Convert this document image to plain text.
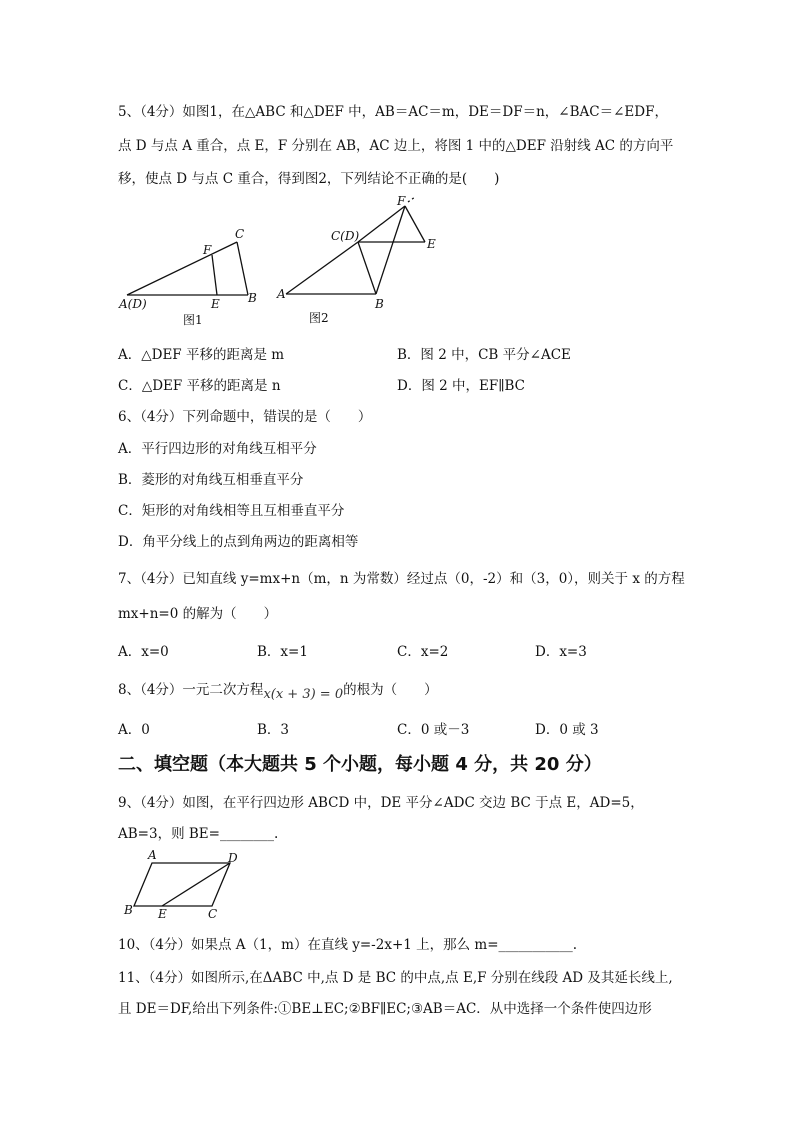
5、（4分）如图1，在△ABC 和△DEF 中，AB＝AC＝m，DE＝DF＝n，∠BAC＝∠EDF，
点 D 与点 A 重合，点 E，F 分别在 AB，AC 边上，将图 1 中的△DEF 沿射线 AC 的方向平
移，使点 D 与点 C 重合，得到图2，下列结论不正确的是(　　)
A(D)	E B
F
C
图1
A
B
C(D)
F
E
图2
A．△DEF 平移的距离是 m	B．图 2 中，CB 平分∠ACE
C．△DEF 平移的距离是 n	D．图 2 中，EF∥BC
6、（4分）下列命题中，错误的是（　　）
A．平行四边形的对角线互相平分
B．菱形的对角线互相垂直平分
C．矩形的对角线相等且互相垂直平分
D．角平分线上的点到角两边的距离相等
7、（4分）已知直线 y=mx+n（m，n 为常数）经过点（0，-2）和（3，0），则关于 x 的方程
mx+n=0 的解为（　　）
A．x=0	B．x=1	C．x=2	D．x=3
8、（4分）一元二次方程x(x + 3) = 0的根为（　　）
A．0	B．3	C．0 或－3	D．0 或 3
二、填空题（本大题共 5 个小题，每小题 4 分，共 20 分）
9、（4分）如图，在平行四边形 ABCD 中，DE 平分∠ADC 交边 BC 于点 E，AD=5，
AB=3，则 BE=________.
A	D
B E	C
10、（4分）如果点 A（1，m）在直线 y=-2x+1 上，那么 m=___________.
11、（4分）如图所示,在ΔABC 中,点 D 是 BC 的中点,点 E,F 分别在线段 AD 及其延长线上,
且 DE＝DF,给出下列条件:①BE⊥EC;②BF∥EC;③AB＝AC．从中选择一个条件使四边形
